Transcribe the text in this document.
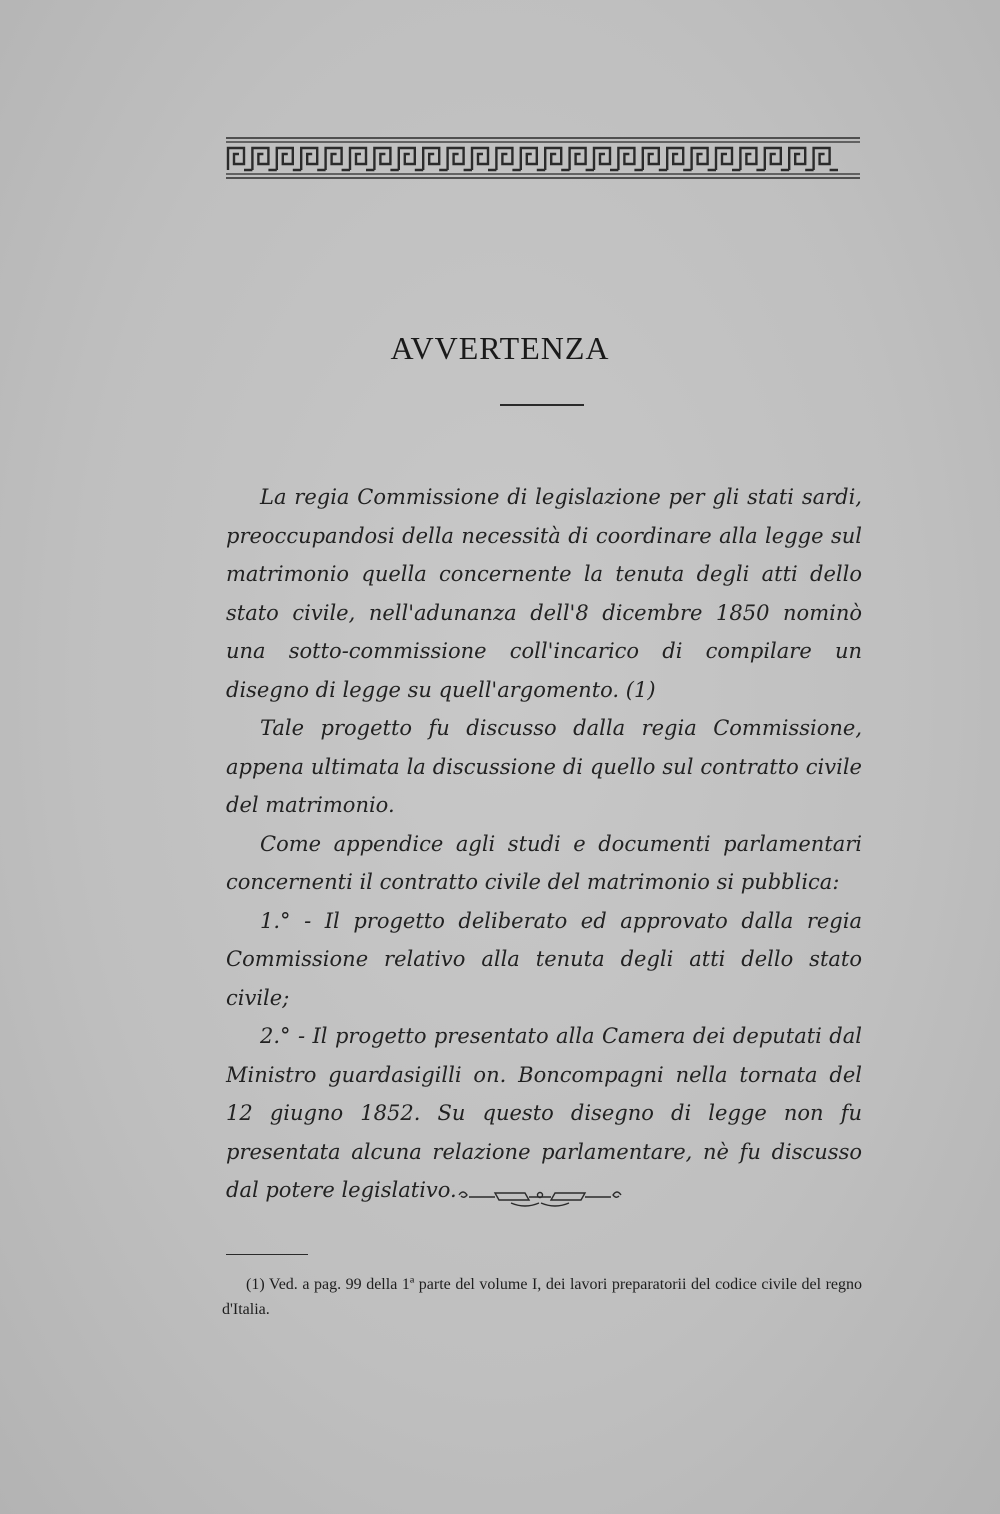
AVVERTENZA

La regia Commissione di legislazione per gli stati sardi, preoccupandosi della necessità di coordinare alla legge sul matrimonio quella concernente la tenuta degli atti dello stato civile, nell'adunanza dell'8 dicembre 1850 nominò una sotto-commissione coll'incarico di compilare un disegno di legge su quell'argomento. (1)

Tale progetto fu discusso dalla regia Commissione, appena ultimata la discussione di quello sul contratto civile del matrimonio.

Come appendice agli studi e documenti parlamentari concernenti il contratto civile del matrimonio si pubblica:

1.° - Il progetto deliberato ed approvato dalla regia Commissione relativo alla tenuta degli atti dello stato civile;

2.° - Il progetto presentato alla Camera dei deputati dal Ministro guardasigilli on. Boncompagni nella tornata del 12 giugno 1852. Su questo disegno di legge non fu presentata alcuna relazione parlamentare, nè fu discusso dal potere legislativo.

(1) Ved. a pag. 99 della 1ª parte del volume I, dei lavori preparatorii del codice civile del regno d'Italia.
